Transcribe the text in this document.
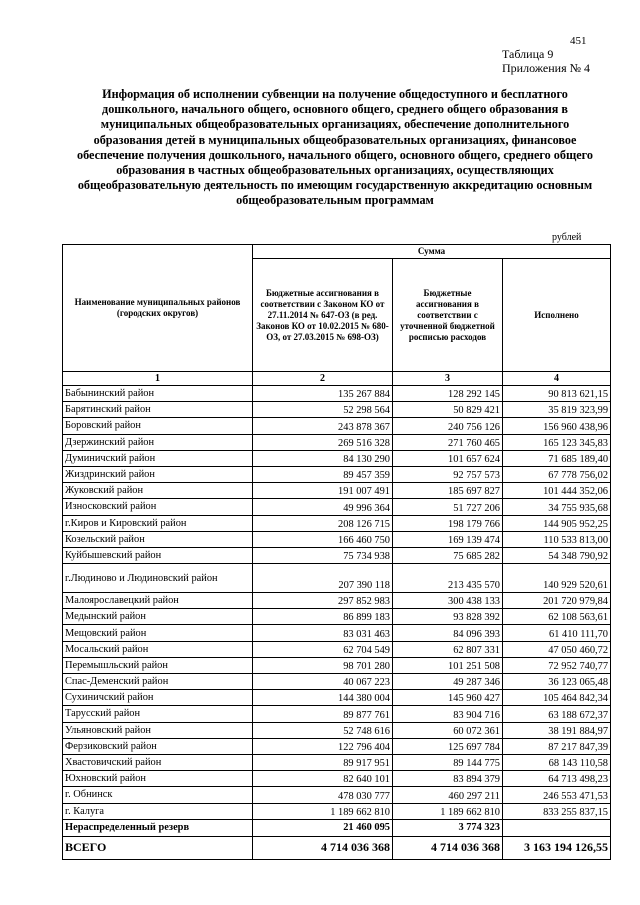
451
Таблица 9
Приложения № 4
Информация об исполнении субвенции на получение общедоступного и бесплатного дошкольного, начального общего, основного общего, среднего общего образования в муниципальных общеобразовательных организациях, обеспечение дополнительного образования детей в муниципальных общеобразовательных организациях, финансовое обеспечение получения дошкольного, начального общего, основного общего, среднего общего образования в частных общеобразовательных организациях, осуществляющих общеобразовательную деятельность по имеющим государственную аккредитацию основным общеобразовательным программам
рублей
Наименование муниципальных районов (городских округов)	Сумма		
	Бюджетные ассигнования в соответствии с Законом КО от 27.11.2014 № 647-ОЗ (в ред. Законов КО от 10.02.2015 № 680-ОЗ, от 27.03.2015 № 698-ОЗ)	Бюджетные ассигнования в соответствии с уточненной бюджетной росписью расходов	Исполнено
1	2	3	4
Бабынинский район	135 267 884	128 292 145	90 813 621,15
Барятинский район	52 298 564	50 829 421	35 819 323,99
Боровский район	243 878 367	240 756 126	156 960 438,96
Дзержинский район	269 516 328	271 760 465	165 123 345,83
Думиничский район	84 130 290	101 657 624	71 685 189,40
Жиздринский район	89 457 359	92 757 573	67 778 756,02
Жуковский район	191 007 491	185 697 827	101 444 352,06
Износковский район	49 996 364	51 727 206	34 755 935,68
г.Киров и Кировский район	208 126 715	198 179 766	144 905 952,25
Козельский район	166 460 750	169 139 474	110 533 813,00
Куйбышевский район	75 734 938	75 685 282	54 348 790,92
г.Людиново и Людиновский район	207 390 118	213 435 570	140 929 520,61
Малоярославецкий район	297 852 983	300 438 133	201 720 979,84
Медынский район	86 899 183	93 828 392	62 108 563,61
Мещовский район	83 031 463	84 096 393	61 410 111,70
Мосальский район	62 704 549	62 807 331	47 050 460,72
Перемышльский район	98 701 280	101 251 508	72 952 740,77
Спас-Деменский район	40 067 223	49 287 346	36 123 065,48
Сухиничский район	144 380 004	145 960 427	105 464 842,34
Тарусский район	89 877 761	83 904 716	63 188 672,37
Ульяновский район	52 748 616	60 072 361	38 191 884,97
Ферзиковский район	122 796 404	125 697 784	87 217 847,39
Хвастовичский район	89 917 951	89 144 775	68 143 110,58
Юхновский район	82 640 101	83 894 379	64 713 498,23
г. Обнинск	478 030 777	460 297 211	246 553 471,53
г. Калуга	1 189 662 810	1 189 662 810	833 255 837,15
Нераспределенный резерв	21 460 095	3 774 323	
ВСЕГО	4 714 036 368	4 714 036 368	3 163 194 126,55
